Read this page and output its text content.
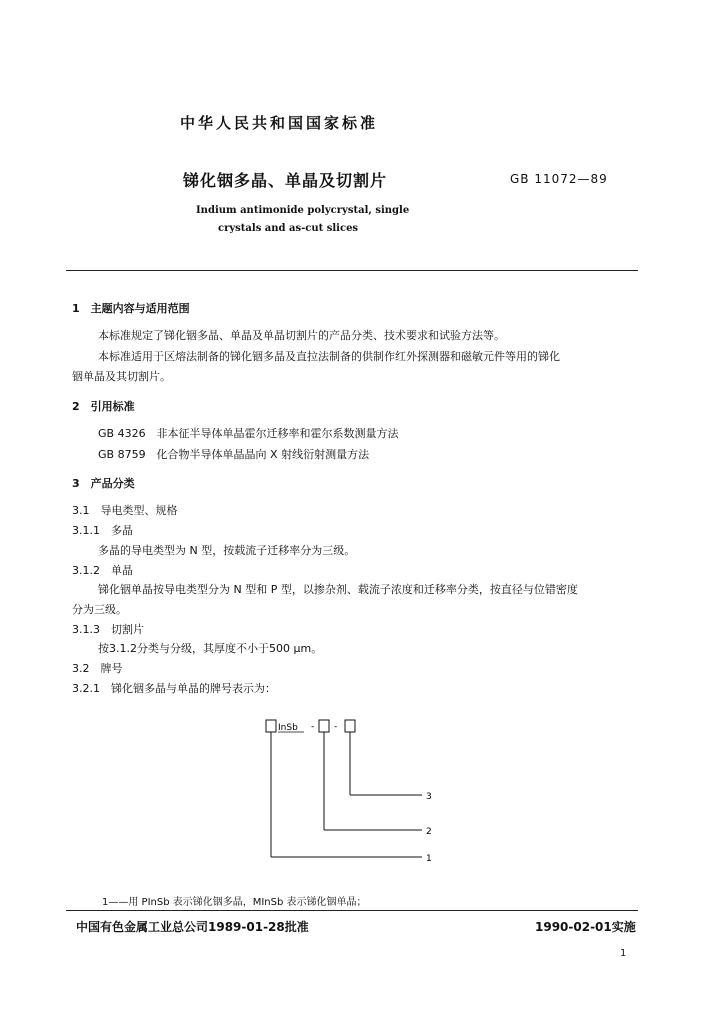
中华人民共和国国家标准
锑化铟多晶、单晶及切割片	GB 11072—89
Indium antimonide polycrystal, single
crystals and as-cut slices
1　主题内容与适用范围
本标准规定了锑化铟多晶、单晶及单晶切割片的产品分类、技术要求和试验方法等。
本标准适用于区熔法制备的锑化铟多晶及直拉法制备的供制作红外探测器和磁敏元件等用的锑化
铟单晶及其切割片。
2　引用标准
GB 4326　非本征半导体单晶霍尔迁移率和霍尔系数测量方法
GB 8759　化合物半导体单晶晶向 X 射线衍射测量方法
3　产品分类
3.1　导电类型、规格
3.1.1　多晶
多晶的导电类型为 N 型，按载流子迁移率分为三级。
3.1.2　单晶
锑化铟单晶按导电类型分为 N 型和 P 型，以掺杂剂、载流子浓度和迁移率分类，按直径与位错密度
分为三级。
3.1.3　切割片
按3.1.2分类与分级，其厚度不小于500 μm。
3.2　牌号
3.2.1　锑化铟多晶与单晶的牌号表示为：
InSb - -
3
2
1
1——用 PInSb 表示锑化铟多晶，MInSb 表示锑化铟单晶；
中国有色金属工业总公司1989-01-28批准	1990-02-01实施
1
